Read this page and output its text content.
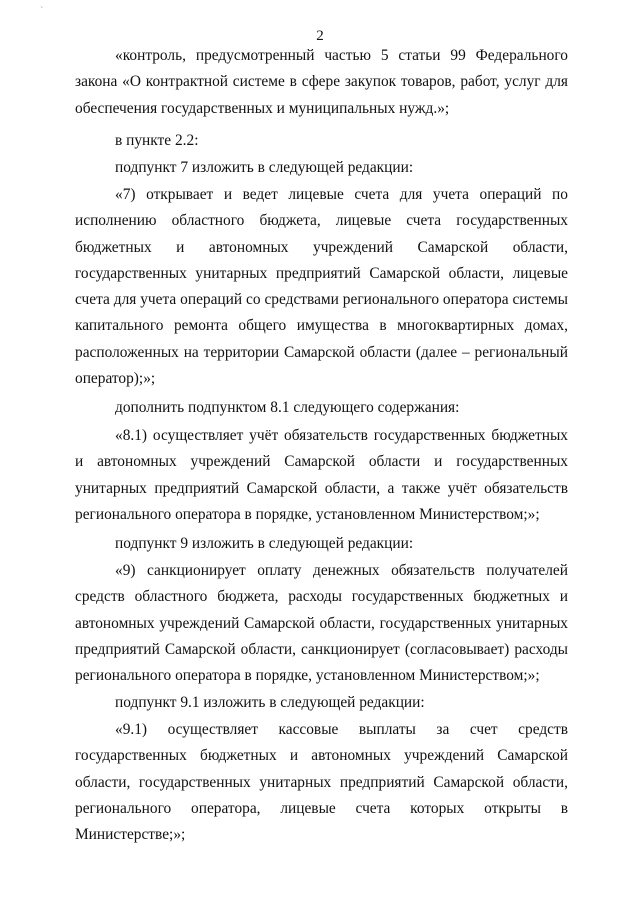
`
2

«контроль, предусмотренный частью 5 статьи 99 Федерального закона «О контрактной системе в сфере закупок товаров, работ, услуг для обеспечения государственных и муниципальных нужд.»;

в пункте 2.2:

подпункт 7 изложить в следующей редакции:

«7) открывает и ведет лицевые счета для учета операций по исполнению областного бюджета, лицевые счета государственных бюджетных и автономных учреждений Самарской области, государственных унитарных предприятий Самарской области, лицевые счета для учета операций со средствами регионального оператора системы капитального ремонта общего имущества в многоквартирных домах, расположенных на территории Самарской области (далее – региональный оператор);»;

дополнить подпунктом 8.1 следующего содержания:

«8.1) осуществляет учёт обязательств государственных бюджетных и автономных учреждений Самарской области и государственных унитарных предприятий Самарской области, а также учёт обязательств регионального оператора в порядке, установленном Министерством;»;

подпункт 9 изложить в следующей редакции:

«9) санкционирует оплату денежных обязательств получателей средств областного бюджета, расходы государственных бюджетных и автономных учреждений Самарской области, государственных унитарных предприятий Самарской области, санкционирует (согласовывает) расходы регионального оператора в порядке, установленном Министерством;»;

подпункт 9.1 изложить в следующей редакции:

«9.1) осуществляет кассовые выплаты за счет средств государственных бюджетных и автономных учреждений Самарской области, государственных унитарных предприятий Самарской области, регионального оператора, лицевые счета которых открыты в Министерстве;»;
